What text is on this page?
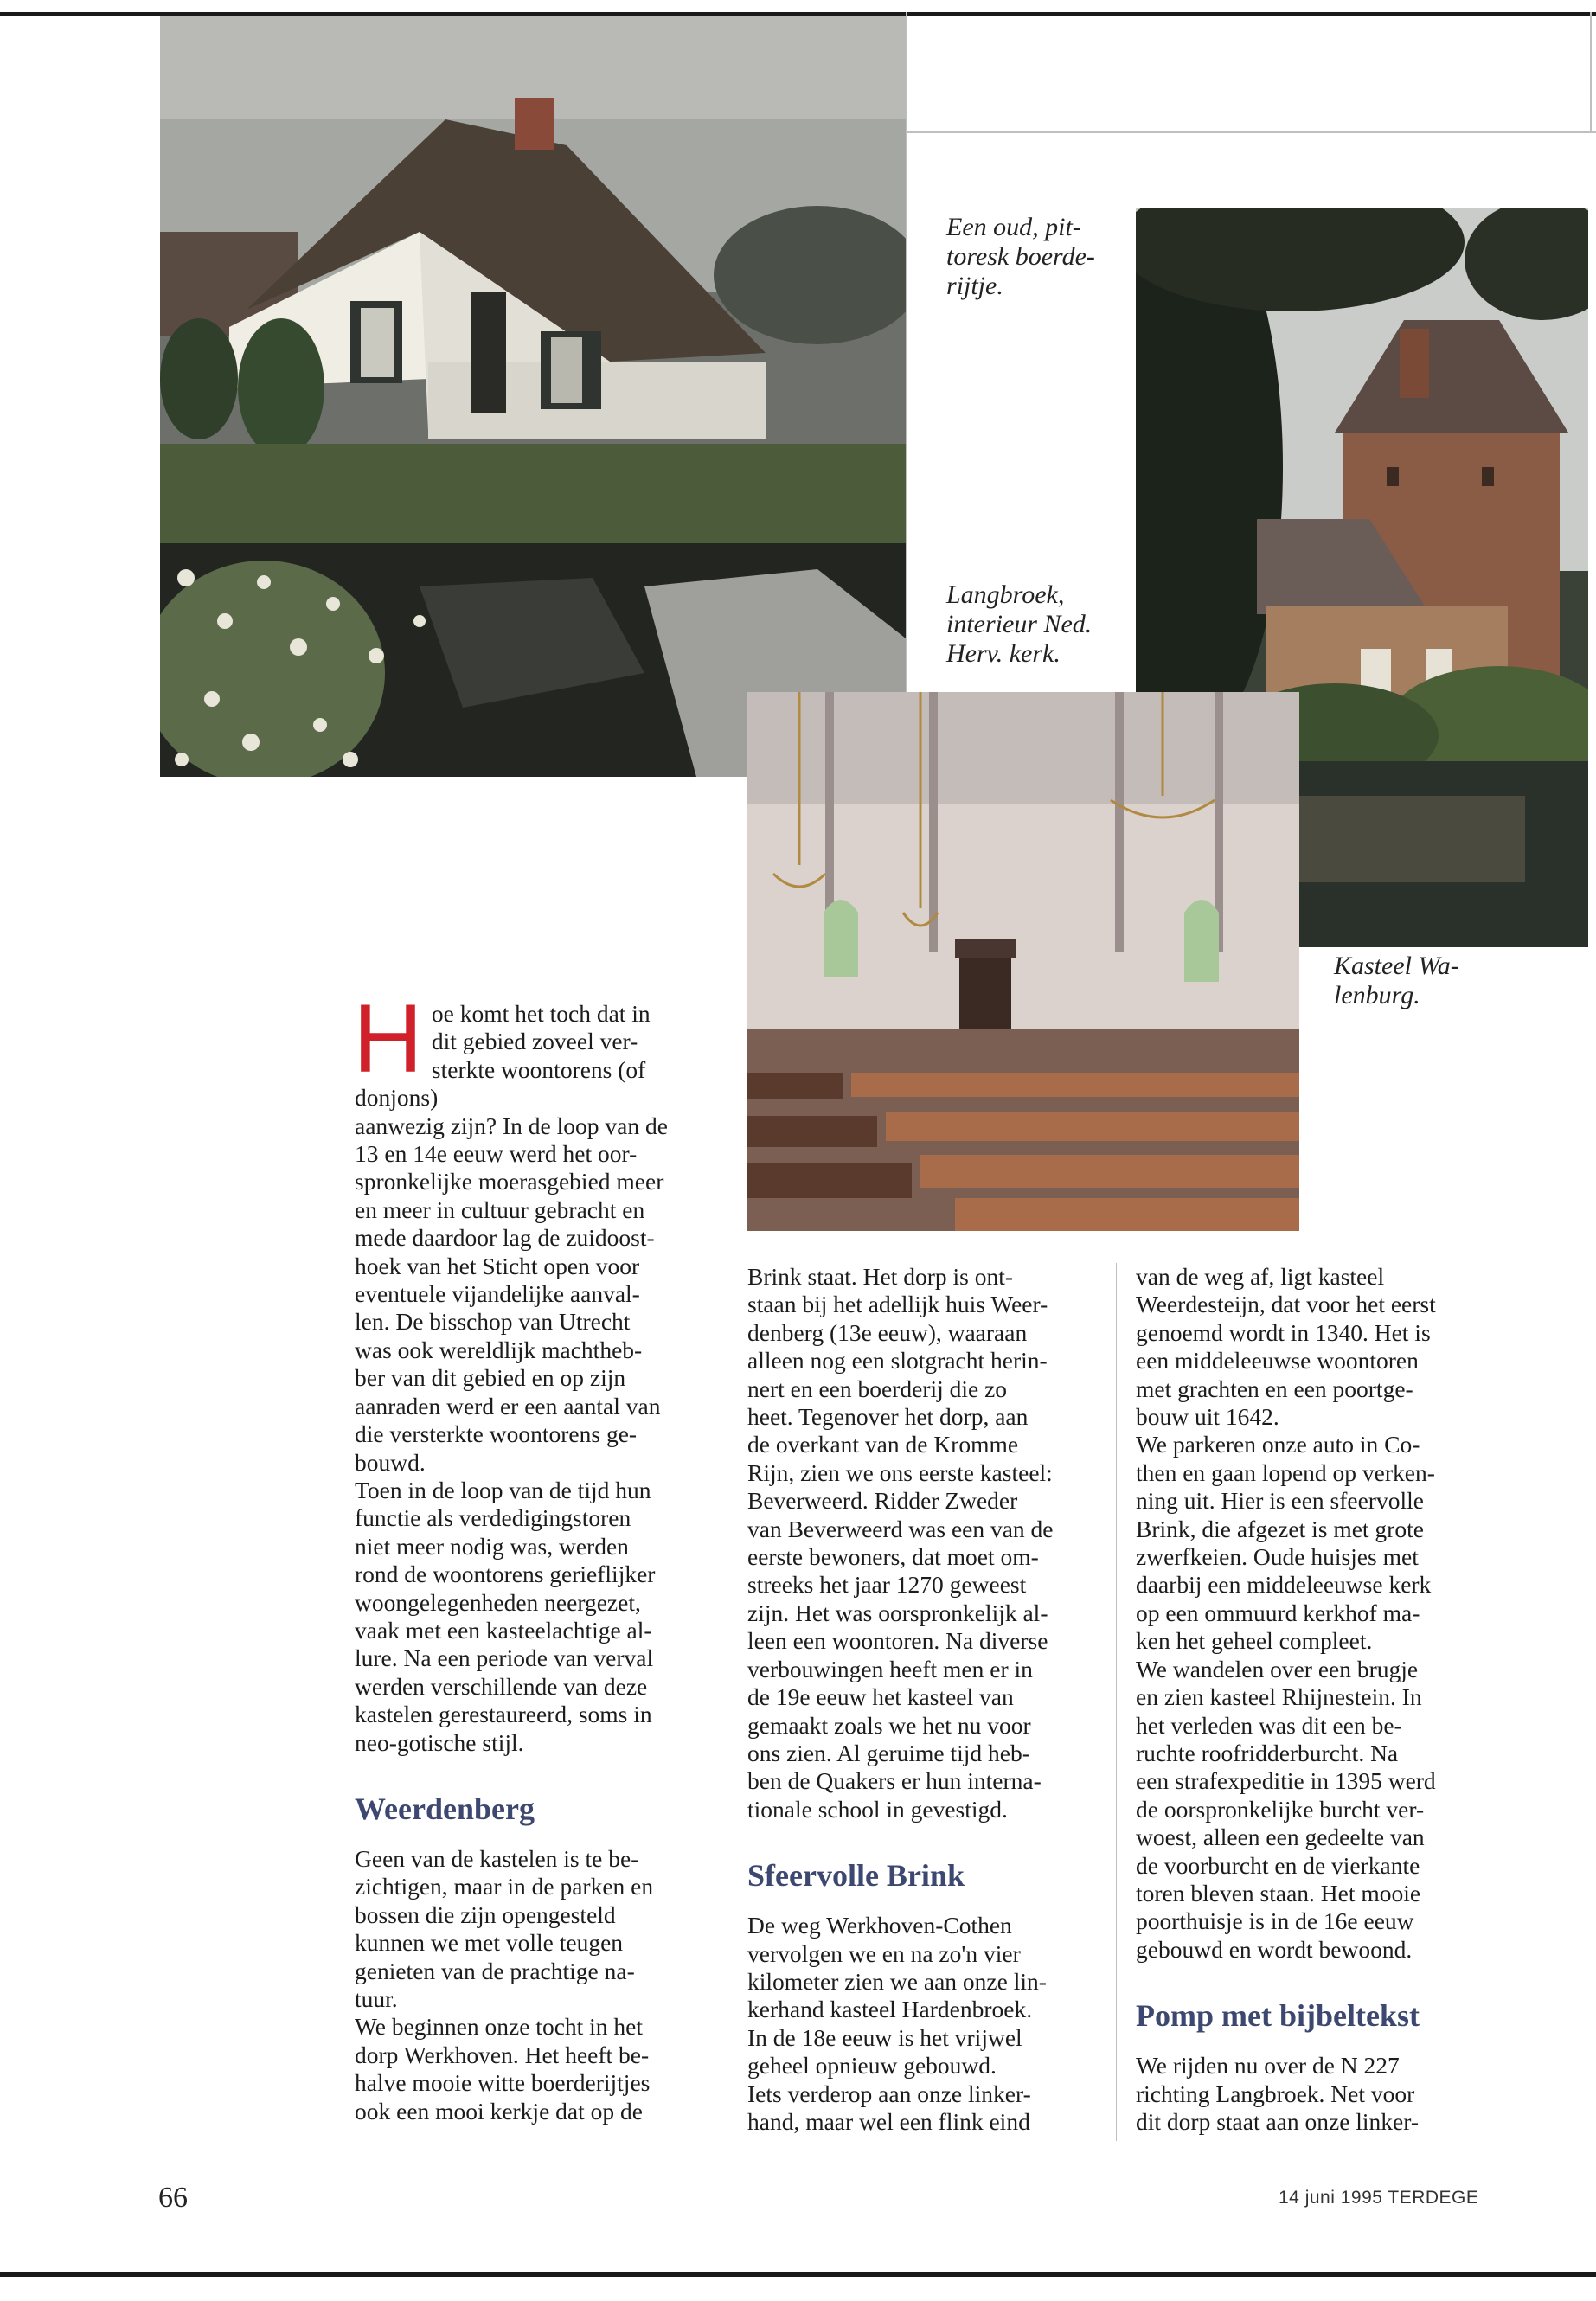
Een oud, pit-
toresk boerde-
rijtje.
Langbroek,
interieur Ned.
Herv. kerk.
Kasteel Wa-
lenburg.

Hoe komt het toch dat in
dit gebied zoveel ver-
sterkte woontorens (of donjons)
aanwezig zijn? In de loop van de
13 en 14e eeuw werd het oor-
spronkelijke moerasgebied meer
en meer in cultuur gebracht en
mede daardoor lag de zuidoost-
hoek van het Sticht open voor
eventuele vijandelijke aanval-
len. De bisschop van Utrecht
was ook wereldlijk machtheb-
ber van dit gebied en op zijn
aanraden werd er een aantal van
die versterkte woontorens ge-
bouwd.
Toen in de loop van de tijd hun
functie als verdedigingstoren
niet meer nodig was, werden
rond de woontorens gerieflijker
woongelegenheden neergezet,
vaak met een kasteelachtige al-
lure. Na een periode van verval
werden verschillende van deze
kastelen gerestaureerd, soms in
neo-gotische stijl.

Weerdenberg

Geen van de kastelen is te be-
zichtigen, maar in de parken en
bossen die zijn opengesteld
kunnen we met volle teugen
genieten van de prachtige na-
tuur.
We beginnen onze tocht in het
dorp Werkhoven. Het heeft be-
halve mooie witte boerderijtjes
ook een mooi kerkje dat op de

Brink staat. Het dorp is ont-
staan bij het adellijk huis Weer-
denberg (13e eeuw), waaraan
alleen nog een slotgracht herin-
nert en een boerderij die zo
heet. Tegenover het dorp, aan
de overkant van de Kromme
Rijn, zien we ons eerste kasteel:
Beverweerd. Ridder Zweder
van Beverweerd was een van de
eerste bewoners, dat moet om-
streeks het jaar 1270 geweest
zijn. Het was oorspronkelijk al-
leen een woontoren. Na diverse
verbouwingen heeft men er in
de 19e eeuw het kasteel van
gemaakt zoals we het nu voor
ons zien. Al geruime tijd heb-
ben de Quakers er hun interna-
tionale school in gevestigd.

Sfeervolle Brink

De weg Werkhoven-Cothen
vervolgen we en na zo'n vier
kilometer zien we aan onze lin-
kerhand kasteel Hardenbroek.
In de 18e eeuw is het vrijwel
geheel opnieuw gebouwd.
Iets verderop aan onze linker-
hand, maar wel een flink eind

van de weg af, ligt kasteel
Weerdesteijn, dat voor het eerst
genoemd wordt in 1340. Het is
een middeleeuwse woontoren
met grachten en een poortge-
bouw uit 1642.
We parkeren onze auto in Co-
then en gaan lopend op verken-
ning uit. Hier is een sfeervolle
Brink, die afgezet is met grote
zwerfkeien. Oude huisjes met
daarbij een middeleeuwse kerk
op een ommuurd kerkhof ma-
ken het geheel compleet.
We wandelen over een brugje
en zien kasteel Rhijnestein. In
het verleden was dit een be-
ruchte roofridderburcht. Na
een strafexpeditie in 1395 werd
de oorspronkelijke burcht ver-
woest, alleen een gedeelte van
de voorburcht en de vierkante
toren bleven staan. Het mooie
poorthuisje is in de 16e eeuw
gebouwd en wordt bewoond.

Pomp met bijbeltekst

We rijden nu over de N 227
richting Langbroek. Net voor
dit dorp staat aan onze linker-

66	14 juni 1995 TERDEGE
